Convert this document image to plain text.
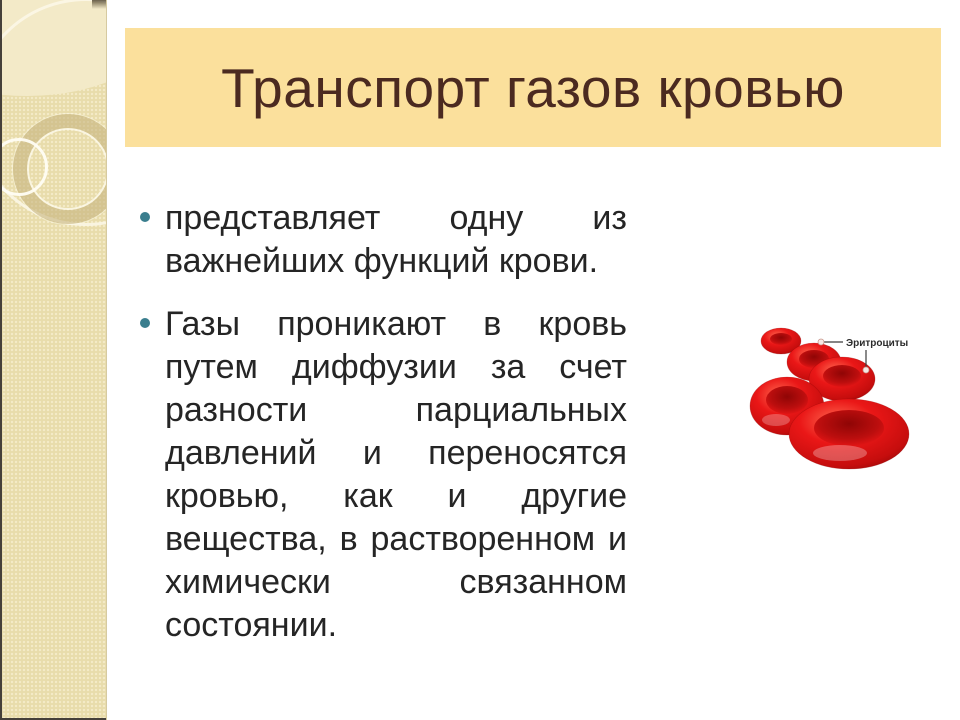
Транспорт газов кровью
представляет одну из важнейших функций крови.
Газы проникают в кровь путем диффузии за счет разности парциальных давлений и переносятся кровью, как и другие вещества, в растворенном и химически связанном состоянии.
Эритроциты
